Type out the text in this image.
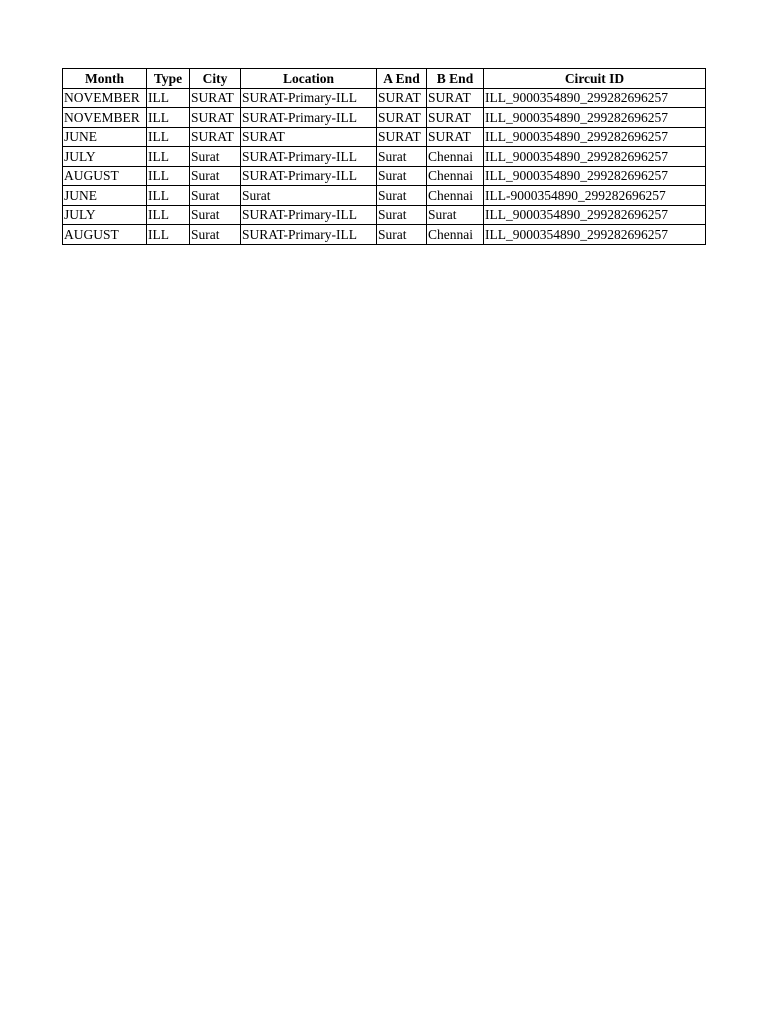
Month	Type	City	Location	A End	B End	Circuit ID
NOVEMBER	ILL	SURAT	SURAT-Primary-ILL	SURAT	SURAT	ILL_9000354890_299282696257
NOVEMBER	ILL	SURAT	SURAT-Primary-ILL	SURAT	SURAT	ILL_9000354890_299282696257
JUNE	ILL	SURAT	SURAT	SURAT	SURAT	ILL_9000354890_299282696257
JULY	ILL	Surat	SURAT-Primary-ILL	Surat	Chennai	ILL_9000354890_299282696257
AUGUST	ILL	Surat	SURAT-Primary-ILL	Surat	Chennai	ILL_9000354890_299282696257
JUNE	ILL	Surat	Surat	Surat	Chennai	ILL-9000354890_299282696257
JULY	ILL	Surat	SURAT-Primary-ILL	Surat	Surat	ILL_9000354890_299282696257
AUGUST	ILL	Surat	SURAT-Primary-ILL	Surat	Chennai	ILL_9000354890_299282696257
